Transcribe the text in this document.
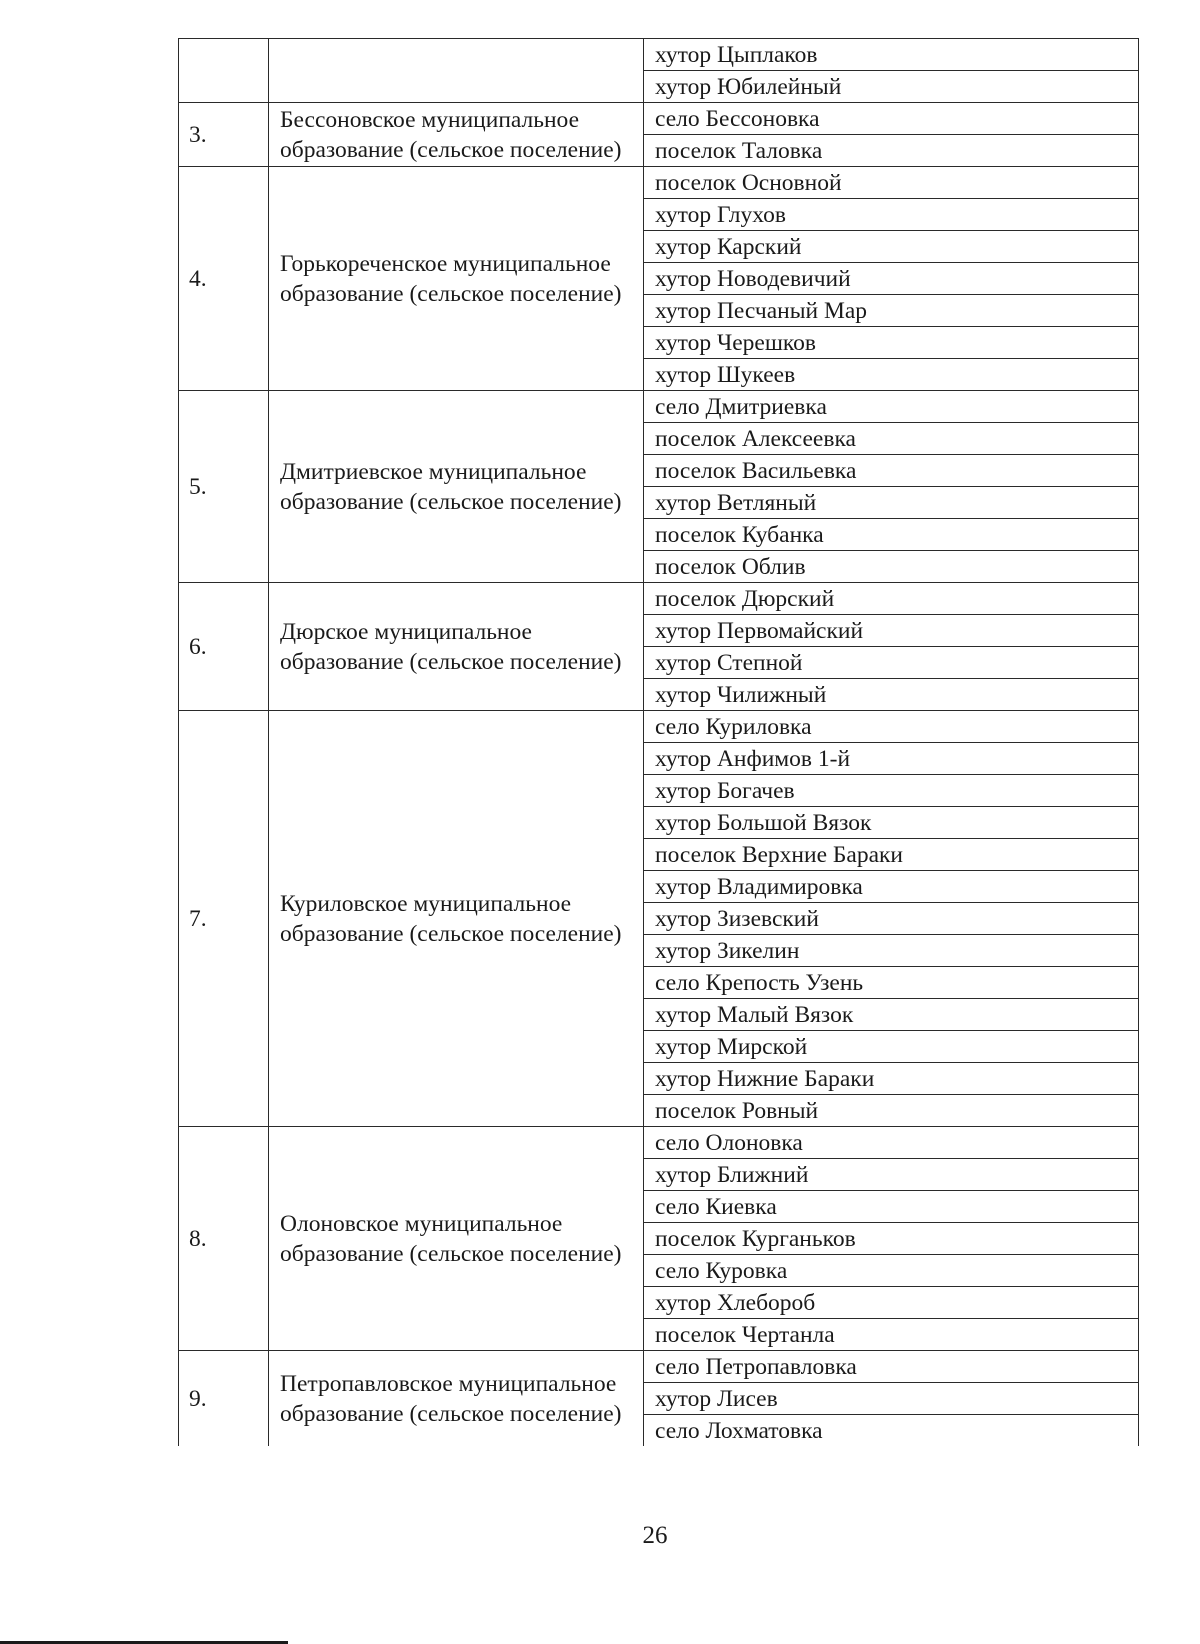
		хутор Цыплаков
		хутор Юбилейный
3.	Бессоновское муниципальное образование (сельское поселение)	село Бессоновка
		поселок Таловка
4.	Горькореченское муниципальное образование (сельское поселение)	поселок Основной
		хутор Глухов
		хутор Карский
		хутор Новодевичий
		хутор Песчаный Мар
		хутор Черешков
		хутор Шукеев
5.	Дмитриевское муниципальное образование (сельское поселение)	село Дмитриевка
		поселок Алексеевка
		поселок Васильевка
		хутор Ветляный
		поселок Кубанка
		поселок Облив
6.	Дюрское муниципальное образование (сельское поселение)	поселок Дюрский
		хутор Первомайский
		хутор Степной
		хутор Чилижный
7.	Куриловское муниципальное образование (сельское поселение)	село Куриловка
		хутор Анфимов 1-й
		хутор Богачев
		хутор Большой Вязок
		поселок Верхние Бараки
		хутор Владимировка
		хутор Зизевский
		хутор Зикелин
		село Крепость Узень
		хутор Малый Вязок
		хутор Мирской
		хутор Нижние Бараки
		поселок Ровный
8.	Олоновское муниципальное образование (сельское поселение)	село Олоновка
		хутор Ближний
		село Киевка
		поселок Курганьков
		село Куровка
		хутор Хлебороб
		поселок Чертанла
9.	Петропавловское муниципальное образование (сельское поселение)	село Петропавловка
		хутор Лисев
		село Лохматовка
26
